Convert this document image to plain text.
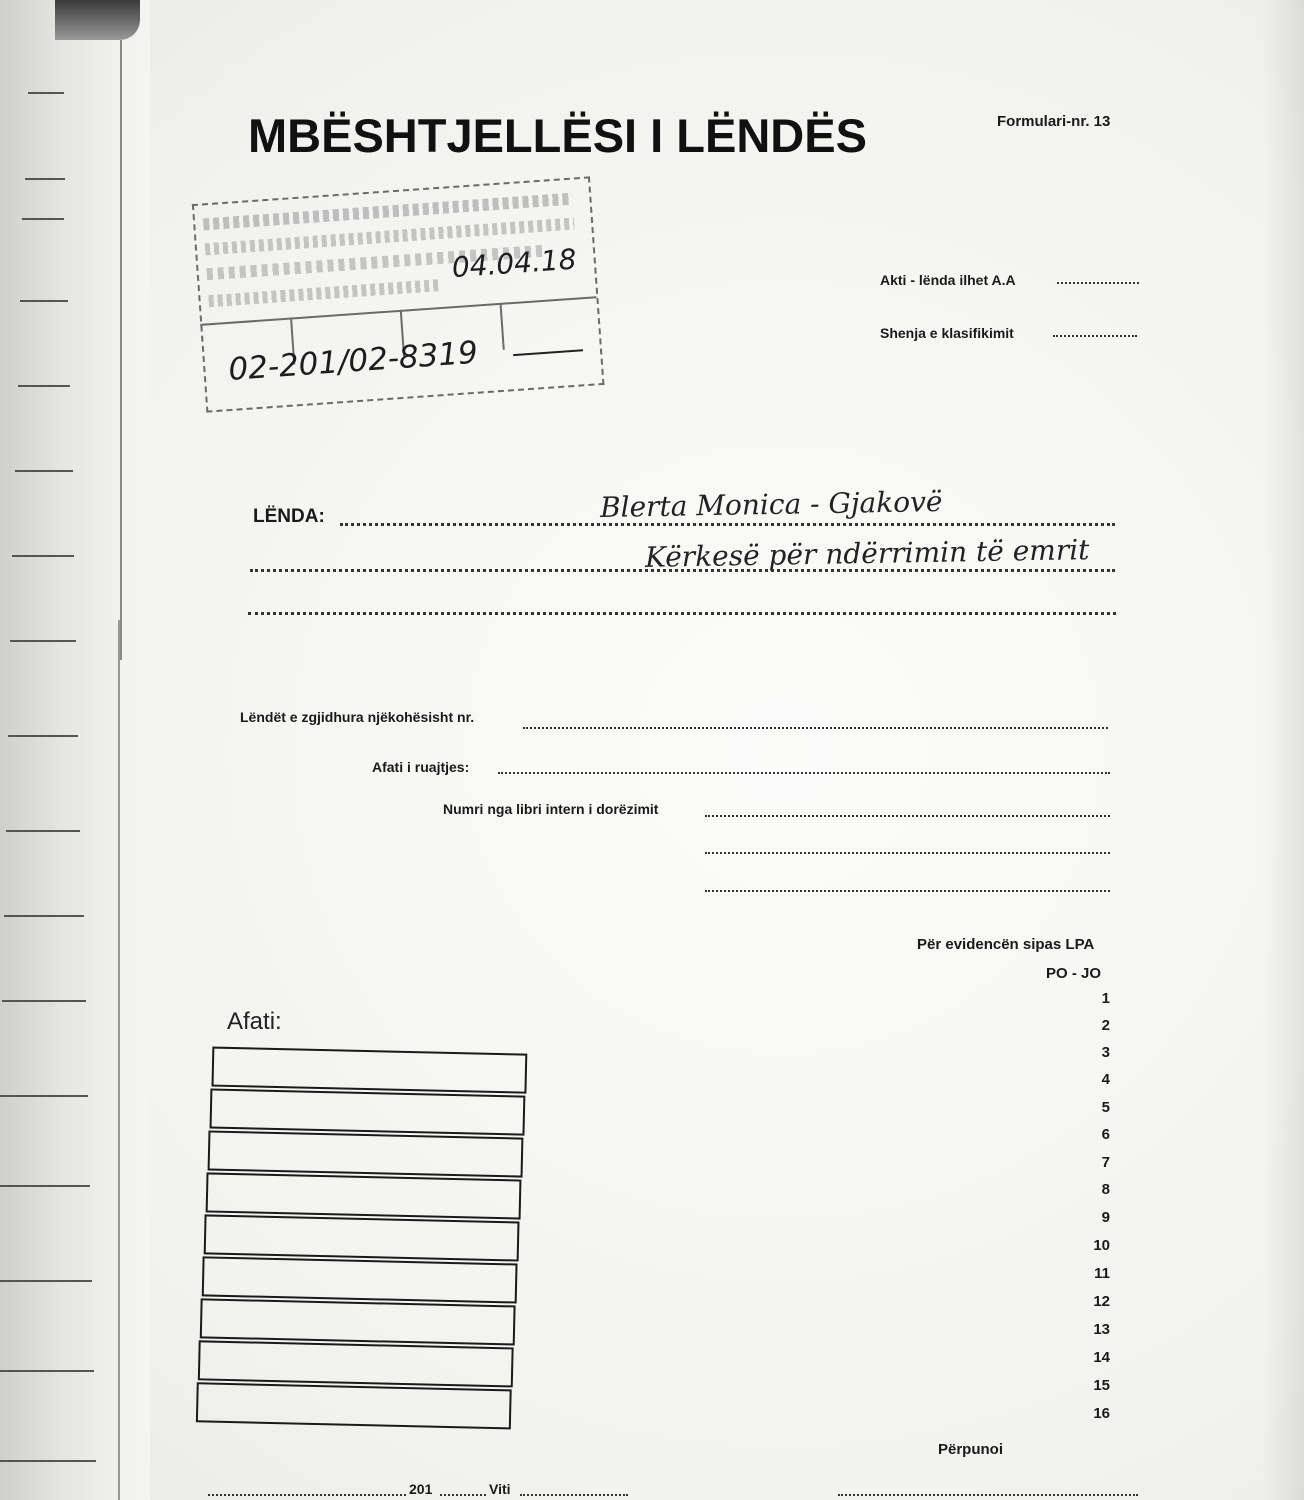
MBËSHTJELLËSI I LËNDËS	Formulari-nr. 13
04.04.18
02-201/02-8319
Akti - lënda ilhet A.A
Shenja e klasifikimit
LËNDA:	Blerta Monica - Gjakovë
Kërkesë për ndërrimin të emrit
Lëndët e zgjidhura njëkohësisht nr.
Afati i ruajtjes:
Numri nga libri intern i dorëzimit
Për evidencën sipas LPA
PO - JO
1
2
3
4
5
6
7
8
9
10
11
12
13
14
15
16
Afati:
201	Viti
Përpunoi
